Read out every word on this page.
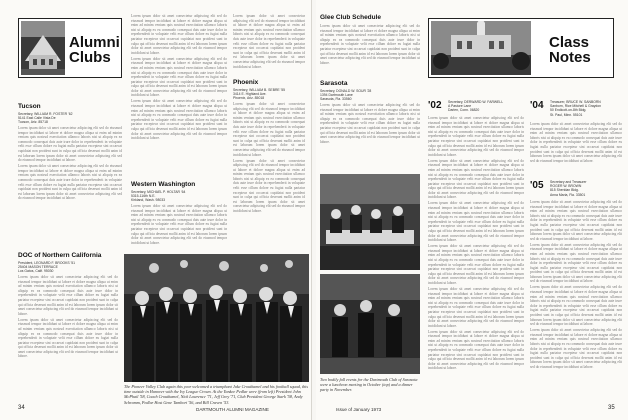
Alumni
Clubs
Tucson
Secretary, WILLIAM R. FOSTER '62
5141 East Calle Vista De
Tucson, Ariz. 85718

Lorem ipsum dolor sit amet consectetur adipiscing elit sed do eiusmod tempor incididunt ut labore et dolore magna aliqua ut enim ad minim veniam quis nostrud exercitation ullamco laboris nisi ut aliquip ex ea commodo consequat duis aute irure dolor in reprehenderit in voluptate velit esse cillum dolore eu fugiat nulla pariatur excepteur sint occaecat cupidatat non proident sunt in culpa qui officia deserunt mollit anim id est laborum lorem ipsum dolor sit amet consectetur adipiscing elit sed do eiusmod tempor incididunt ut labore.

Lorem ipsum dolor sit amet consectetur adipiscing elit sed do eiusmod tempor incididunt ut labore et dolore magna aliqua ut enim ad minim veniam quis nostrud exercitation ullamco laboris nisi ut aliquip ex ea commodo consequat duis aute irure dolor in reprehenderit in voluptate velit esse cillum dolore eu fugiat nulla pariatur excepteur sint occaecat cupidatat non proident sunt in culpa qui officia deserunt mollit anim id est laborum lorem ipsum dolor sit amet consectetur adipiscing elit sed do eiusmod tempor incididunt ut labore.

DOC of Northern California
President, LEONARD F. BROOKS '51
25404 MASON TERRACE
Los Gatos, Calif. 95030

Lorem ipsum dolor sit amet consectetur adipiscing elit sed do eiusmod tempor incididunt ut labore et dolore magna aliqua ut enim ad minim veniam quis nostrud exercitation ullamco laboris nisi ut aliquip ex ea commodo consequat duis aute irure dolor in reprehenderit in voluptate velit esse cillum dolore eu fugiat nulla pariatur excepteur sint occaecat cupidatat non proident sunt in culpa qui officia deserunt mollit anim id est laborum lorem ipsum dolor sit amet consectetur adipiscing elit sed do eiusmod tempor incididunt ut labore.

Lorem ipsum dolor sit amet consectetur adipiscing elit sed do eiusmod tempor incididunt ut labore et dolore magna aliqua ut enim ad minim veniam quis nostrud exercitation ullamco laboris nisi ut aliquip ex ea commodo consequat duis aute irure dolor in reprehenderit in voluptate velit esse cillum dolore eu fugiat nulla pariatur excepteur sint occaecat cupidatat non proident sunt in culpa qui officia deserunt mollit anim id est laborum lorem ipsum dolor sit amet consectetur adipiscing elit sed do eiusmod tempor incididunt ut labore.

Lorem ipsum dolor sit amet consectetur adipiscing elit sed do eiusmod tempor incididunt ut labore et dolore magna aliqua ut enim ad minim veniam quis nostrud exercitation ullamco laboris nisi ut aliquip ex ea commodo consequat duis aute irure dolor in reprehenderit in voluptate velit esse cillum dolore eu fugiat nulla pariatur excepteur sint occaecat cupidatat non proident sunt in culpa qui officia deserunt mollit anim id est laborum lorem ipsum dolor sit amet consectetur adipiscing elit sed do eiusmod tempor incididunt ut labore.

Lorem ipsum dolor sit amet consectetur adipiscing elit sed do eiusmod tempor incididunt ut labore et dolore magna aliqua ut enim ad minim veniam quis nostrud exercitation ullamco laboris nisi ut aliquip ex ea commodo consequat duis aute irure dolor in reprehenderit in voluptate velit esse cillum dolore eu fugiat nulla pariatur excepteur sint occaecat cupidatat non proident sunt in culpa qui officia deserunt mollit anim id est laborum lorem ipsum dolor sit amet consectetur adipiscing elit sed do eiusmod tempor incididunt ut labore.

Lorem ipsum dolor sit amet consectetur adipiscing elit sed do eiusmod tempor incididunt ut labore et dolore magna aliqua ut enim ad minim veniam quis nostrud exercitation ullamco laboris nisi ut aliquip ex ea commodo consequat duis aute irure dolor in reprehenderit in voluptate velit esse cillum dolore eu fugiat nulla pariatur excepteur sint occaecat cupidatat non proident sunt in culpa qui officia deserunt mollit anim id est laborum lorem ipsum dolor sit amet consectetur adipiscing elit sed do eiusmod tempor incididunt ut labore.

Western Washington
Secretary, MICHAEL P. HOLTAR '64
5315-116th N.E.
Kirkland, Wash. 98033

Lorem ipsum dolor sit amet consectetur adipiscing elit sed do eiusmod tempor incididunt ut labore et dolore magna aliqua ut enim ad minim veniam quis nostrud exercitation ullamco laboris nisi ut aliquip ex ea commodo consequat duis aute irure dolor in reprehenderit in voluptate velit esse cillum dolore eu fugiat nulla pariatur excepteur sint occaecat cupidatat non proident sunt in culpa qui officia deserunt mollit anim id est laborum lorem ipsum dolor sit amet consectetur adipiscing elit sed do eiusmod tempor incididunt ut labore.

Lorem ipsum dolor sit amet consectetur adipiscing elit sed do eiusmod tempor incididunt ut labore et dolore magna aliqua ut enim ad minim veniam quis nostrud exercitation ullamco laboris nisi ut aliquip ex ea commodo consequat duis aute irure dolor in reprehenderit in voluptate velit esse cillum dolore eu fugiat nulla pariatur excepteur sint occaecat cupidatat non proident sunt in culpa qui officia deserunt mollit anim id est laborum lorem ipsum dolor sit amet consectetur adipiscing elit sed do eiusmod tempor incididunt ut labore.

Phoenix
Secretary, WILLIAM B. SEBRE '55
3414 E. Highland Ave.
Phoenix, Ariz. 85018

Lorem ipsum dolor sit amet consectetur adipiscing elit sed do eiusmod tempor incididunt ut labore et dolore magna aliqua ut enim ad minim veniam quis nostrud exercitation ullamco laboris nisi ut aliquip ex ea commodo consequat duis aute irure dolor in reprehenderit in voluptate velit esse cillum dolore eu fugiat nulla pariatur excepteur sint occaecat cupidatat non proident sunt in culpa qui officia deserunt mollit anim id est laborum lorem ipsum dolor sit amet consectetur adipiscing elit sed do eiusmod tempor incididunt ut labore.

Lorem ipsum dolor sit amet consectetur adipiscing elit sed do eiusmod tempor incididunt ut labore et dolore magna aliqua ut enim ad minim veniam quis nostrud exercitation ullamco laboris nisi ut aliquip ex ea commodo consequat duis aute irure dolor in reprehenderit in voluptate velit esse cillum dolore eu fugiat nulla pariatur excepteur sint occaecat cupidatat non proident sunt in culpa qui officia deserunt mollit anim id est laborum lorem ipsum dolor sit amet consectetur adipiscing elit sed do eiusmod tempor incididunt ut labore.

The Pioneer Valley Club again this year welcomed a triumphant Jake Crouthamel and his football squad, this time outside in Hanover with the Ivy League Crown. At the Yankee Pedlar were (from left) President John McPhail '58, Coach Crouthamel, Nick Lawrence '71, Jeff Grey '71, Club President George Stark '58, Andy Schramm, Pedlar Host Gene Tambori '56, and Bill Craven '53.
34	DARTMOUTH ALUMNI MAGAZINE
Glee Club Schedule

Lorem ipsum dolor sit amet consectetur adipiscing elit sed do eiusmod tempor incididunt ut labore et dolore magna aliqua ut enim ad minim veniam quis nostrud exercitation ullamco laboris nisi ut aliquip ex ea commodo consequat duis aute irure dolor in reprehenderit in voluptate velit esse cillum dolore eu fugiat nulla pariatur excepteur sint occaecat cupidatat non proident sunt in culpa qui officia deserunt mollit anim id est laborum lorem ipsum dolor sit amet consectetur adipiscing elit sed do eiusmod tempor incididunt ut labore.

Sarasota
Secretary, DONALD W. SOUR '28
1394 Dartmouth Lane
Sarasota, Fla. 33560

Lorem ipsum dolor sit amet consectetur adipiscing elit sed do eiusmod tempor incididunt ut labore et dolore magna aliqua ut enim ad minim veniam quis nostrud exercitation ullamco laboris nisi ut aliquip ex ea commodo consequat duis aute irure dolor in reprehenderit in voluptate velit esse cillum dolore eu fugiat nulla pariatur excepteur sint occaecat cupidatat non proident sunt in culpa qui officia deserunt mollit anim id est laborum lorem ipsum dolor sit amet consectetur adipiscing elit sed do eiusmod tempor incididunt ut labore.

Two bodily fall events for the Dartmouth Club of Sarasota were a luncheon meeting in October (top) and a dinner party in November.
Class
Notes
'02 Secretary, DERWARD W. FARWELL
A Pasture Lane
Darien, Conn. 06820

Lorem ipsum dolor sit amet consectetur adipiscing elit sed do eiusmod tempor incididunt ut labore et dolore magna aliqua ut enim ad minim veniam quis nostrud exercitation ullamco laboris nisi ut aliquip ex ea commodo consequat duis aute irure dolor in reprehenderit in voluptate velit esse cillum dolore eu fugiat nulla pariatur excepteur sint occaecat cupidatat non proident sunt in culpa qui officia deserunt mollit anim id est laborum lorem ipsum dolor sit amet consectetur adipiscing elit sed do eiusmod tempor incididunt ut labore.

Lorem ipsum dolor sit amet consectetur adipiscing elit sed do eiusmod tempor incididunt ut labore et dolore magna aliqua ut enim ad minim veniam quis nostrud exercitation ullamco laboris nisi ut aliquip ex ea commodo consequat duis aute irure dolor in reprehenderit in voluptate velit esse cillum dolore eu fugiat nulla pariatur excepteur sint occaecat cupidatat non proident sunt in culpa qui officia deserunt mollit anim id est laborum lorem ipsum dolor sit amet consectetur adipiscing elit sed do eiusmod tempor incididunt ut labore.

Lorem ipsum dolor sit amet consectetur adipiscing elit sed do eiusmod tempor incididunt ut labore et dolore magna aliqua ut enim ad minim veniam quis nostrud exercitation ullamco laboris nisi ut aliquip ex ea commodo consequat duis aute irure dolor in reprehenderit in voluptate velit esse cillum dolore eu fugiat nulla pariatur excepteur sint occaecat cupidatat non proident sunt in culpa qui officia deserunt mollit anim id est laborum lorem ipsum dolor sit amet consectetur adipiscing elit sed do eiusmod tempor incididunt ut labore.

Lorem ipsum dolor sit amet consectetur adipiscing elit sed do eiusmod tempor incididunt ut labore et dolore magna aliqua ut enim ad minim veniam quis nostrud exercitation ullamco laboris nisi ut aliquip ex ea commodo consequat duis aute irure dolor in reprehenderit in voluptate velit esse cillum dolore eu fugiat nulla pariatur excepteur sint occaecat cupidatat non proident sunt in culpa qui officia deserunt mollit anim id est laborum lorem ipsum dolor sit amet consectetur adipiscing elit sed do eiusmod tempor incididunt ut labore.

Lorem ipsum dolor sit amet consectetur adipiscing elit sed do eiusmod tempor incididunt ut labore et dolore magna aliqua ut enim ad minim veniam quis nostrud exercitation ullamco laboris nisi ut aliquip ex ea commodo consequat duis aute irure dolor in reprehenderit in voluptate velit esse cillum dolore eu fugiat nulla pariatur excepteur sint occaecat cupidatat non proident sunt in culpa qui officia deserunt mollit anim id est laborum lorem ipsum dolor sit amet consectetur adipiscing elit sed do eiusmod tempor incididunt ut labore.

Lorem ipsum dolor sit amet consectetur adipiscing elit sed do eiusmod tempor incididunt ut labore et dolore magna aliqua ut enim ad minim veniam quis nostrud exercitation ullamco laboris nisi ut aliquip ex ea commodo consequat duis aute irure dolor in reprehenderit in voluptate velit esse cillum dolore eu fugiat nulla pariatur excepteur sint occaecat cupidatat non proident sunt in culpa qui officia deserunt mollit anim id est laborum lorem ipsum dolor sit amet consectetur adipiscing elit sed do eiusmod tempor incididunt ut labore.	'04 Treasurer, BRUCE W. SANBORN
Sanborn, Rice Mitchell & Graydon
50 Endicott-on-8th Bldg.
St. Paul, Minn. 55101

Lorem ipsum dolor sit amet consectetur adipiscing elit sed do eiusmod tempor incididunt ut labore et dolore magna aliqua ut enim ad minim veniam quis nostrud exercitation ullamco laboris nisi ut aliquip ex ea commodo consequat duis aute irure dolor in reprehenderit in voluptate velit esse cillum dolore eu fugiat nulla pariatur excepteur sint occaecat cupidatat non proident sunt in culpa qui officia deserunt mollit anim id est laborum lorem ipsum dolor sit amet consectetur adipiscing elit sed do eiusmod tempor incididunt ut labore.

'05 Secretary and Treasurer
ROGER W. BROWN
815 Sheridan Bldg.
Anna Maria, Fla. 33501

Lorem ipsum dolor sit amet consectetur adipiscing elit sed do eiusmod tempor incididunt ut labore et dolore magna aliqua ut enim ad minim veniam quis nostrud exercitation ullamco laboris nisi ut aliquip ex ea commodo consequat duis aute irure dolor in reprehenderit in voluptate velit esse cillum dolore eu fugiat nulla pariatur excepteur sint occaecat cupidatat non proident sunt in culpa qui officia deserunt mollit anim id est laborum lorem ipsum dolor sit amet consectetur adipiscing elit sed do eiusmod tempor incididunt ut labore.

Lorem ipsum dolor sit amet consectetur adipiscing elit sed do eiusmod tempor incididunt ut labore et dolore magna aliqua ut enim ad minim veniam quis nostrud exercitation ullamco laboris nisi ut aliquip ex ea commodo consequat duis aute irure dolor in reprehenderit in voluptate velit esse cillum dolore eu fugiat nulla pariatur excepteur sint occaecat cupidatat non proident sunt in culpa qui officia deserunt mollit anim id est laborum lorem ipsum dolor sit amet consectetur adipiscing elit sed do eiusmod tempor incididunt ut labore.

Lorem ipsum dolor sit amet consectetur adipiscing elit sed do eiusmod tempor incididunt ut labore et dolore magna aliqua ut enim ad minim veniam quis nostrud exercitation ullamco laboris nisi ut aliquip ex ea commodo consequat duis aute irure dolor in reprehenderit in voluptate velit esse cillum dolore eu fugiat nulla pariatur excepteur sint occaecat cupidatat non proident sunt in culpa qui officia deserunt mollit anim id est laborum lorem ipsum dolor sit amet consectetur adipiscing elit sed do eiusmod tempor incididunt ut labore.

Lorem ipsum dolor sit amet consectetur adipiscing elit sed do eiusmod tempor incididunt ut labore et dolore magna aliqua ut enim ad minim veniam quis nostrud exercitation ullamco laboris nisi ut aliquip ex ea commodo consequat duis aute irure dolor in reprehenderit in voluptate velit esse cillum dolore eu fugiat nulla pariatur excepteur sint occaecat cupidatat non proident sunt in culpa qui officia deserunt mollit anim id est laborum lorem ipsum dolor sit amet consectetur adipiscing elit sed do eiusmod tempor incididunt ut labore.

Issue of January 1973	35
